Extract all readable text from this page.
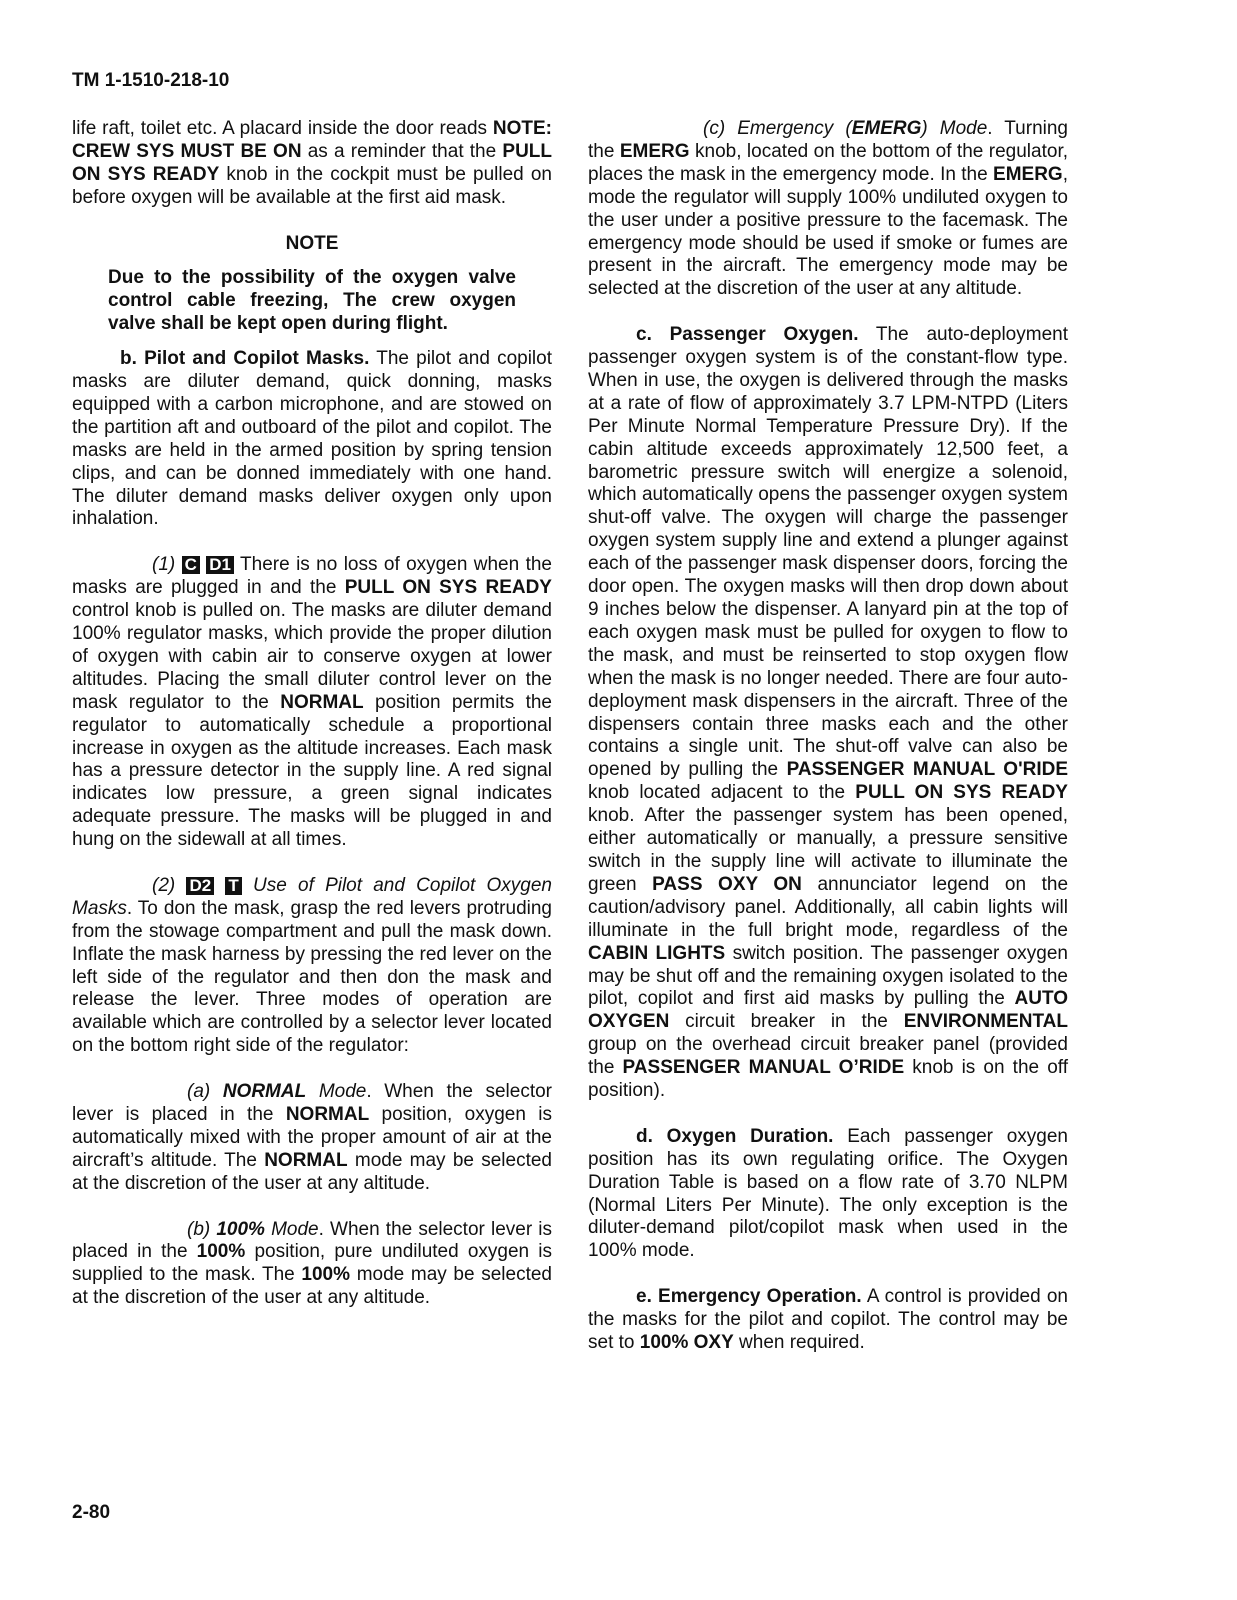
TM 1-1510-218-10

life raft, toilet etc. A placard inside the door reads NOTE: CREW SYS MUST BE ON as a reminder that the PULL ON SYS READY knob in the cockpit must be pulled on before oxygen will be available at the first aid mask.

NOTE

Due to the possibility of the oxygen valve control cable freezing, The crew oxygen valve shall be kept open during flight.

b. Pilot and Copilot Masks. The pilot and copilot masks are diluter demand, quick donning, masks equipped with a carbon microphone, and are stowed on the partition aft and outboard of the pilot and copilot. The masks are held in the armed position by spring tension clips, and can be donned immediately with one hand. The diluter demand masks deliver oxygen only upon inhalation.

(1) C D1 There is no loss of oxygen when the masks are plugged in and the PULL ON SYS READY control knob is pulled on. The masks are diluter demand 100% regulator masks, which provide the proper dilution of oxygen with cabin air to conserve oxygen at lower altitudes. Placing the small diluter control lever on the mask regulator to the NORMAL position permits the regulator to automatically schedule a proportional increase in oxygen as the altitude increases. Each mask has a pressure detector in the supply line. A red signal indicates low pressure, a green signal indicates adequate pressure. The masks will be plugged in and hung on the sidewall at all times.

(2) D2 T Use of Pilot and Copilot Oxygen Masks. To don the mask, grasp the red levers protruding from the stowage compartment and pull the mask down. Inflate the mask harness by pressing the red lever on the left side of the regulator and then don the mask and release the lever. Three modes of operation are available which are controlled by a selector lever located on the bottom right side of the regulator:

(a) NORMAL Mode. When the selector lever is placed in the NORMAL position, oxygen is automatically mixed with the proper amount of air at the aircraft’s altitude. The NORMAL mode may be selected at the discretion of the user at any altitude.

(b) 100% Mode. When the selector lever is placed in the 100% position, pure undiluted oxygen is supplied to the mask. The 100% mode may be selected at the discretion of the user at any altitude.

(c) Emergency (EMERG) Mode. Turning the EMERG knob, located on the bottom of the regulator, places the mask in the emergency mode. In the EMERG, mode the regulator will supply 100% undiluted oxygen to the user under a positive pressure to the facemask. The emergency mode should be used if smoke or fumes are present in the aircraft. The emergency mode may be selected at the discretion of the user at any altitude.

c. Passenger Oxygen. The auto-deployment passenger oxygen system is of the constant-flow type. When in use, the oxygen is delivered through the masks at a rate of flow of approximately 3.7 LPM-NTPD (Liters Per Minute Normal Temperature Pressure Dry). If the cabin altitude exceeds approximately 12,500 feet, a barometric pressure switch will energize a solenoid, which automatically opens the passenger oxygen system shut-off valve. The oxygen will charge the passenger oxygen system supply line and extend a plunger against each of the passenger mask dispenser doors, forcing the door open. The oxygen masks will then drop down about 9 inches below the dispenser. A lanyard pin at the top of each oxygen mask must be pulled for oxygen to flow to the mask, and must be reinserted to stop oxygen flow when the mask is no longer needed. There are four auto-deployment mask dispensers in the aircraft. Three of the dispensers contain three masks each and the other contains a single unit. The shut-off valve can also be opened by pulling the PASSENGER MANUAL O'RIDE knob located adjacent to the PULL ON SYS READY knob. After the passenger system has been opened, either automatically or manually, a pressure sensitive switch in the supply line will activate to illuminate the green PASS OXY ON annunciator legend on the caution/advisory panel. Additionally, all cabin lights will illuminate in the full bright mode, regardless of the CABIN LIGHTS switch position. The passenger oxygen may be shut off and the remaining oxygen isolated to the pilot, copilot and first aid masks by pulling the AUTO OXYGEN circuit breaker in the ENVIRONMENTAL group on the overhead circuit breaker panel (provided the PASSENGER MANUAL O’RIDE knob is on the off position).

d. Oxygen Duration. Each passenger oxygen position has its own regulating orifice. The Oxygen Duration Table is based on a flow rate of 3.70 NLPM (Normal Liters Per Minute). The only exception is the diluter-demand pilot/copilot mask when used in the 100% mode.

e. Emergency Operation. A control is provided on the masks for the pilot and copilot. The control may be set to 100% OXY when required.

2-80
